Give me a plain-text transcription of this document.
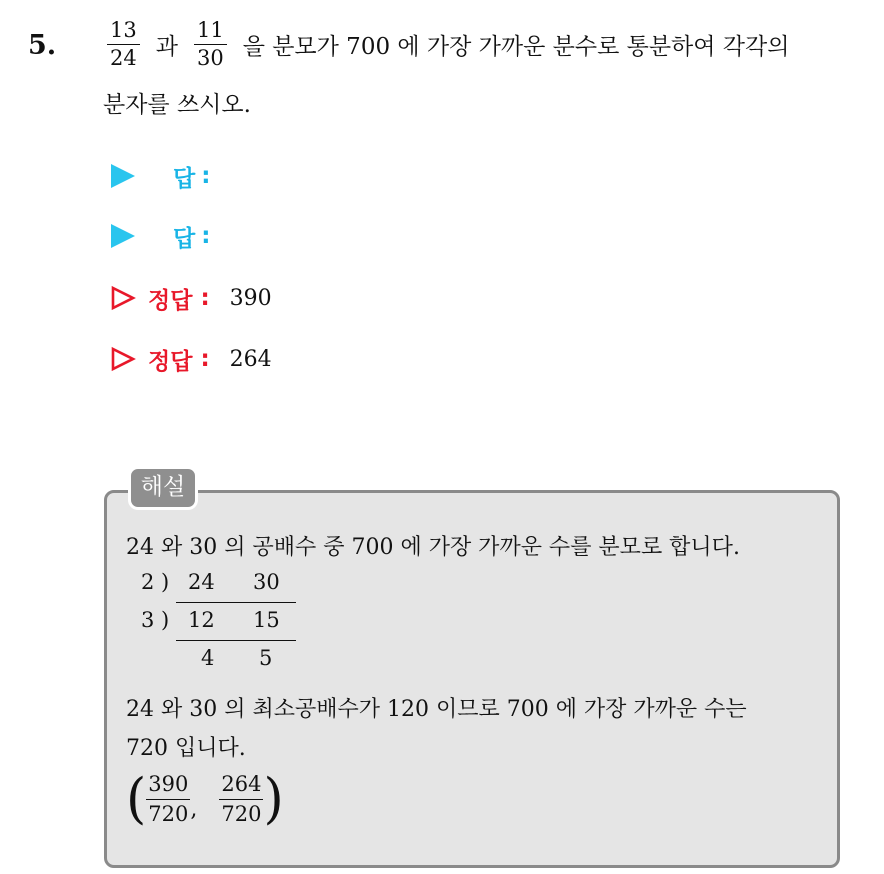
5. $\frac{13}{24}$ 과 $\frac{11}{30}$ 을 분모가 700 에 가장 가까운 분수로 통분하여 각각의
분자를 쓰시오.
답 :
답 :
정답 : 390
정답 : 264
해설
24 와 30 의 공배수 중 700 에 가장 가까운 수를 분모로 합니다.
2 ) 24 30
3 ) 12 15
4 5
24 와 30 의 최소공배수가 120 이므로 700 에 가장 가까운 수는
720 입니다.
( $\frac{390}{720}$ , $\frac{264}{720}$ )
